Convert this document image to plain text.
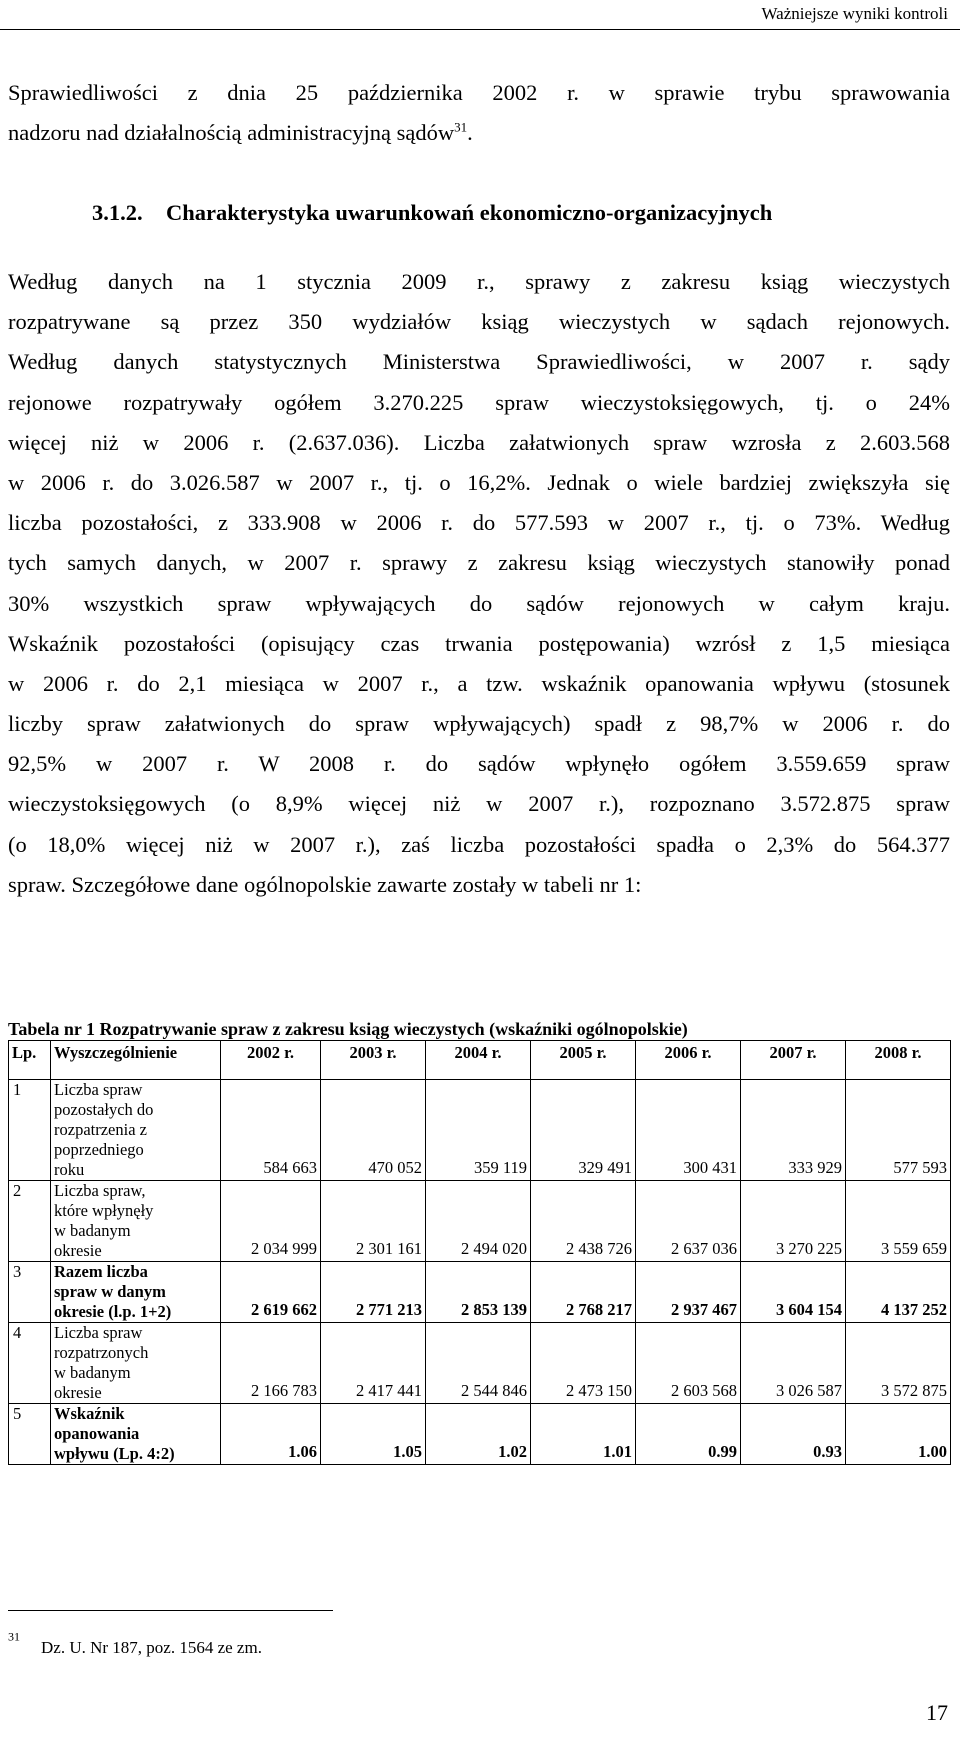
Ważniejsze wyniki kontroli
Sprawiedliwości z dnia 25 października 2002 r. w sprawie trybu sprawowania
nadzoru nad działalnością administracyjną sądów$^{31}$.
3.1.2. Charakterystyka uwarunkowań ekonomiczno-organizacyjnych
Według danych na 1 stycznia 2009 r., sprawy z zakresu ksiąg wieczystych
rozpatrywane są przez 350 wydziałów ksiąg wieczystych w sądach rejonowych.
Według danych statystycznych Ministerstwa Sprawiedliwości, w 2007 r. sądy
rejonowe rozpatrywały ogółem 3.270.225 spraw wieczystoksięgowych, tj. o 24%
więcej niż w 2006 r. (2.637.036). Liczba załatwionych spraw wzrosła z 2.603.568
w 2006 r. do 3.026.587 w 2007 r., tj. o 16,2%. Jednak o wiele bardziej zwiększyła się
liczba pozostałości, z 333.908 w 2006 r. do 577.593 w 2007 r., tj. o 73%. Według
tych samych danych, w 2007 r. sprawy z zakresu ksiąg wieczystych stanowiły ponad
30% wszystkich spraw wpływających do sądów rejonowych w całym kraju.
Wskaźnik pozostałości (opisujący czas trwania postępowania) wzrósł z 1,5 miesiąca
w 2006 r. do 2,1 miesiąca w 2007 r., a tzw. wskaźnik opanowania wpływu (stosunek
liczby spraw załatwionych do spraw wpływających) spadł z 98,7% w 2006 r. do
92,5% w 2007 r. W 2008 r. do sądów wpłynęło ogółem 3.559.659 spraw
wieczystoksięgowych (o 8,9% więcej niż w 2007 r.), rozpoznano 3.572.875 spraw
(o 18,0% więcej niż w 2007 r.), zaś liczba pozostałości spadła o 2,3% do 564.377
spraw. Szczegółowe dane ogólnopolskie zawarte zostały w tabeli nr 1:
Tabela nr 1 Rozpatrywanie spraw z zakresu ksiąg wieczystych (wskaźniki ogólnopolskie)
Lp.	Wyszczególnienie	2002 r.	2003 r.	2004 r.	2005 r.	2006 r.	2007 r.	2008 r.
1	Liczba spraw
pozostałych do
rozpatrzenia z
poprzedniego
roku	584 663	470 052	359 119	329 491	300 431	333 929	577 593
2	Liczba spraw,
które wpłynęły
w badanym
okresie	2 034 999	2 301 161	2 494 020	2 438 726	2 637 036	3 270 225	3 559 659
3	Razem liczba
spraw w danym
okresie (l.p. 1+2)	2 619 662	2 771 213	2 853 139	2 768 217	2 937 467	3 604 154	4 137 252
4	Liczba spraw
rozpatrzonych
w badanym
okresie	2 166 783	2 417 441	2 544 846	2 473 150	2 603 568	3 026 587	3 572 875
5	Wskaźnik
opanowania
wpływu (Lp. 4:2)	1.06	1.05	1.02	1.01	0.99	0.93	1.00
$^{31}$
Dz. U. Nr 187, poz. 1564 ze zm.
17
